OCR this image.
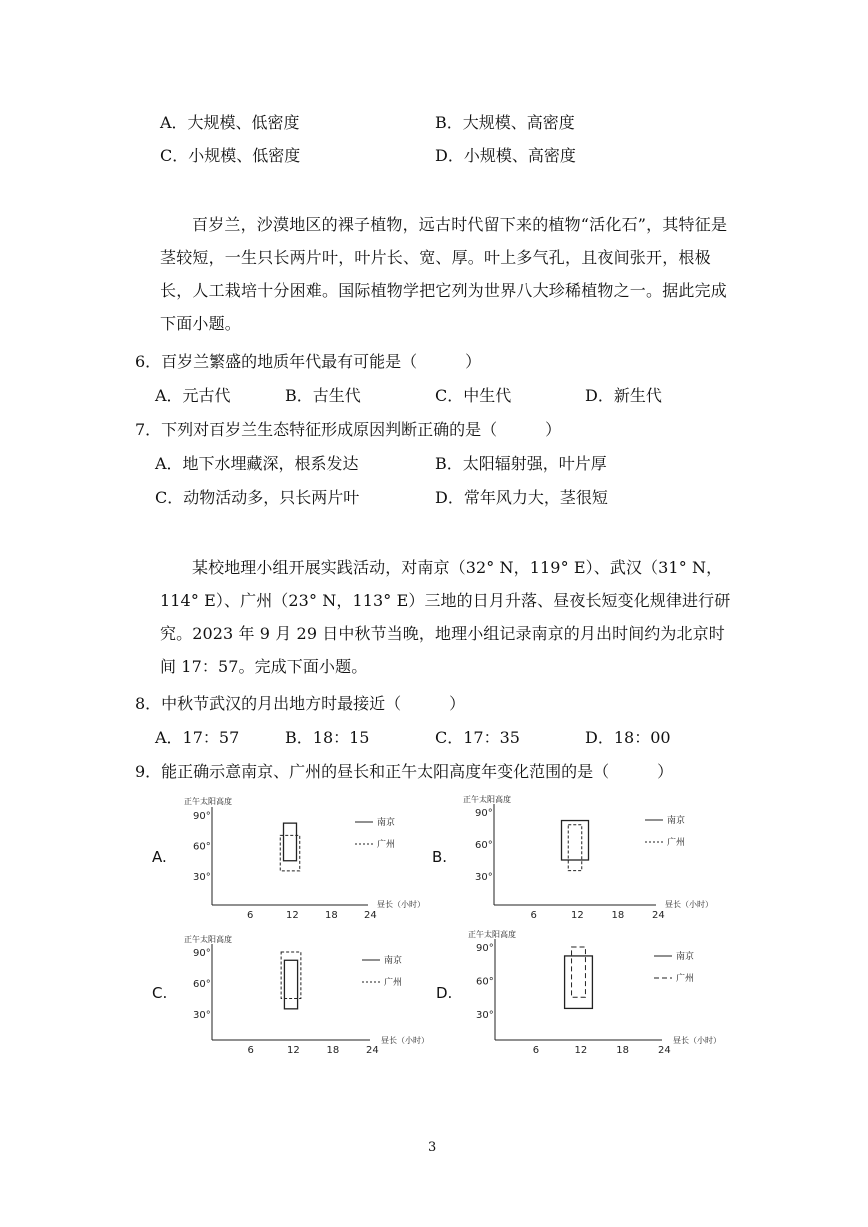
A．大规模、低密度	B．大规模、高密度
C．小规模、低密度	D．小规模、高密度
百岁兰，沙漠地区的裸子植物，远古时代留下来的植物“活化石”，其特征是茎较短，一生只长两片叶，叶片长、宽、厚。叶上多气孔，且夜间张开，根极长，人工栽培十分困难。国际植物学把它列为世界八大珍稀植物之一。据此完成下面小题。
6．百岁兰繁盛的地质年代最有可能是（　　　）
A．元古代	B．古生代	C．中生代	D．新生代
7．下列对百岁兰生态特征形成原因判断正确的是（　　　）
A．地下水埋藏深，根系发达	B．太阳辐射强，叶片厚
C．动物活动多，只长两片叶	D．常年风力大，茎很短
某校地理小组开展实践活动，对南京（32° N，119° E）、武汉（31° N，114° E）、广州（23° N，113° E）三地的日月升落、昼夜长短变化规律进行研究。2023 年 9 月 29 日中秋节当晚，地理小组记录南京的月出时间约为北京时间 17：57。完成下面小题。
8．中秋节武汉的月出地方时最接近（　　　）
A．17：57	B．18：15	C．17：35	D．18：00
9．能正确示意南京、广州的昼长和正午太阳高度年变化范围的是（　　　）
A.
正午太阳高度
昼长（小时）
90°
60°
30°
6	12	18	24
南京
广州
B.
正午太阳高度
昼长（小时）
90°
60°
30°
6	12	18	24
南京
广州
C.
正午太阳高度
昼长（小时）
90°
60°
30°
6	12	18	24
南京
广州
D.
正午太阳高度
昼长（小时）
90°
60°
30°
6	12	18	24
南京
广州
3
